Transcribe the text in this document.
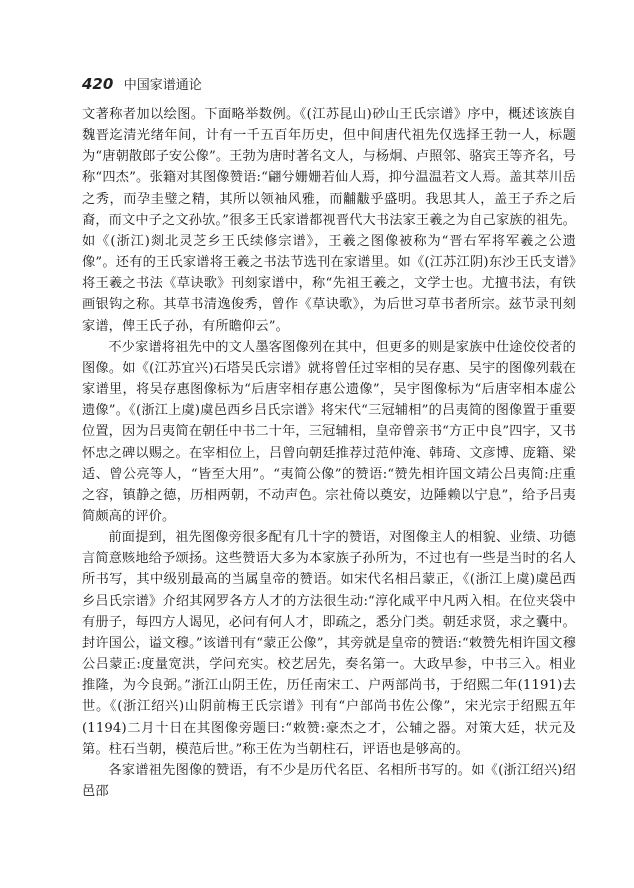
420 中国家谱通论

文著称者加以绘图。下面略举数例。《(江苏昆山)砂山王氏宗谱》序中，概述该族自魏晋迄清光绪年间，计有一千五百年历史，但中间唐代祖先仅选择王勃一人，标题为“唐朝散郎子安公像”。王勃为唐时著名文人，与杨炯、卢照邻、骆宾王等齐名，号称“四杰”。张籍对其图像赞语:“翩兮姗姗若仙人焉，抑兮温温若文人焉。盖其萃川岳之秀，而孕圭璧之精，其所以领袖风雅，而黼黻乎盛明。我思其人，盖王子乔之后裔，而文中子之文孙欤。”很多王氏家谱都视晋代大书法家王羲之为自己家族的祖先。如《(浙江)剡北灵芝乡王氏续修宗谱》，王羲之图像被称为“晋右军将军羲之公遗像”。还有的王氏家谱将王羲之书法节选刊在家谱里。如《(江苏江阴)东沙王氏支谱》将王羲之书法《草诀歌》刊刻家谱中，称“先祖王羲之，文学士也。尤擅书法，有铁画银钩之称。其草书清逸俊秀，曾作《草诀歌》，为后世习草书者所宗。兹节录刊刻家谱，俾王氏子孙，有所瞻仰云”。

不少家谱将祖先中的文人墨客图像列在其中，但更多的则是家族中仕途佼佼者的图像。如《(江苏宜兴)石塔吴氏宗谱》就将曾任过宰相的吴存惠、吴宇的图像列载在家谱里，将吴存惠图像标为“后唐宰相存惠公遗像”，吴宇图像标为“后唐宰相本虚公遗像”。《(浙江上虞)虞邑西乡吕氏宗谱》将宋代“三冠辅相”的吕夷简的图像置于重要位置，因为吕夷简在朝任中书二十年，三冠辅相，皇帝曾亲书“方正中良”四字，又书怀忠之碑以赐之。在宰相位上，吕曾向朝廷推荐过范仲淹、韩琦、文彦博、庞籍、梁适、曾公亮等人，“皆至大用”。“夷简公像”的赞语:“赞先相许国文靖公吕夷简:庄重之容，镇静之德，历相两朝，不动声色。宗社倚以奠安，边陲赖以宁息”，给予吕夷简颇高的评价。

前面提到，祖先图像旁很多配有几十字的赞语，对图像主人的相貌、业绩、功德言简意赅地给予颂扬。这些赞语大多为本家族子孙所为，不过也有一些是当时的名人所书写，其中级别最高的当属皇帝的赞语。如宋代名相吕蒙正，《(浙江上虞)虞邑西乡吕氏宗谱》介绍其网罗各方人才的方法很生动:“淳化咸平中凡两入相。在位夹袋中有册子，每四方人谒见，必问有何人才，即疏之，悉分门类。朝廷求贤，求之囊中。封许国公，谥文穆。”该谱刊有“蒙正公像”，其旁就是皇帝的赞语:“敕赞先相许国文穆公吕蒙正:度量宽洪，学问充实。校艺居先，奏名第一。大政早参，中书三入。相业推隆，为今良弼。”浙江山阴王佐，历任南宋工、户两部尚书，于绍熙二年(1191)去世。《(浙江绍兴)山阴前梅王氏宗谱》刊有“户部尚书佐公像”，宋光宗于绍熙五年(1194)二月十日在其图像旁题曰:“敕赞:豪杰之才，公辅之器。对策大廷，状元及第。柱石当朝，模范后世。”称王佐为当朝柱石，评语也是够高的。

各家谱祖先图像的赞语，有不少是历代名臣、名相所书写的。如《(浙江绍兴)绍邑邵
